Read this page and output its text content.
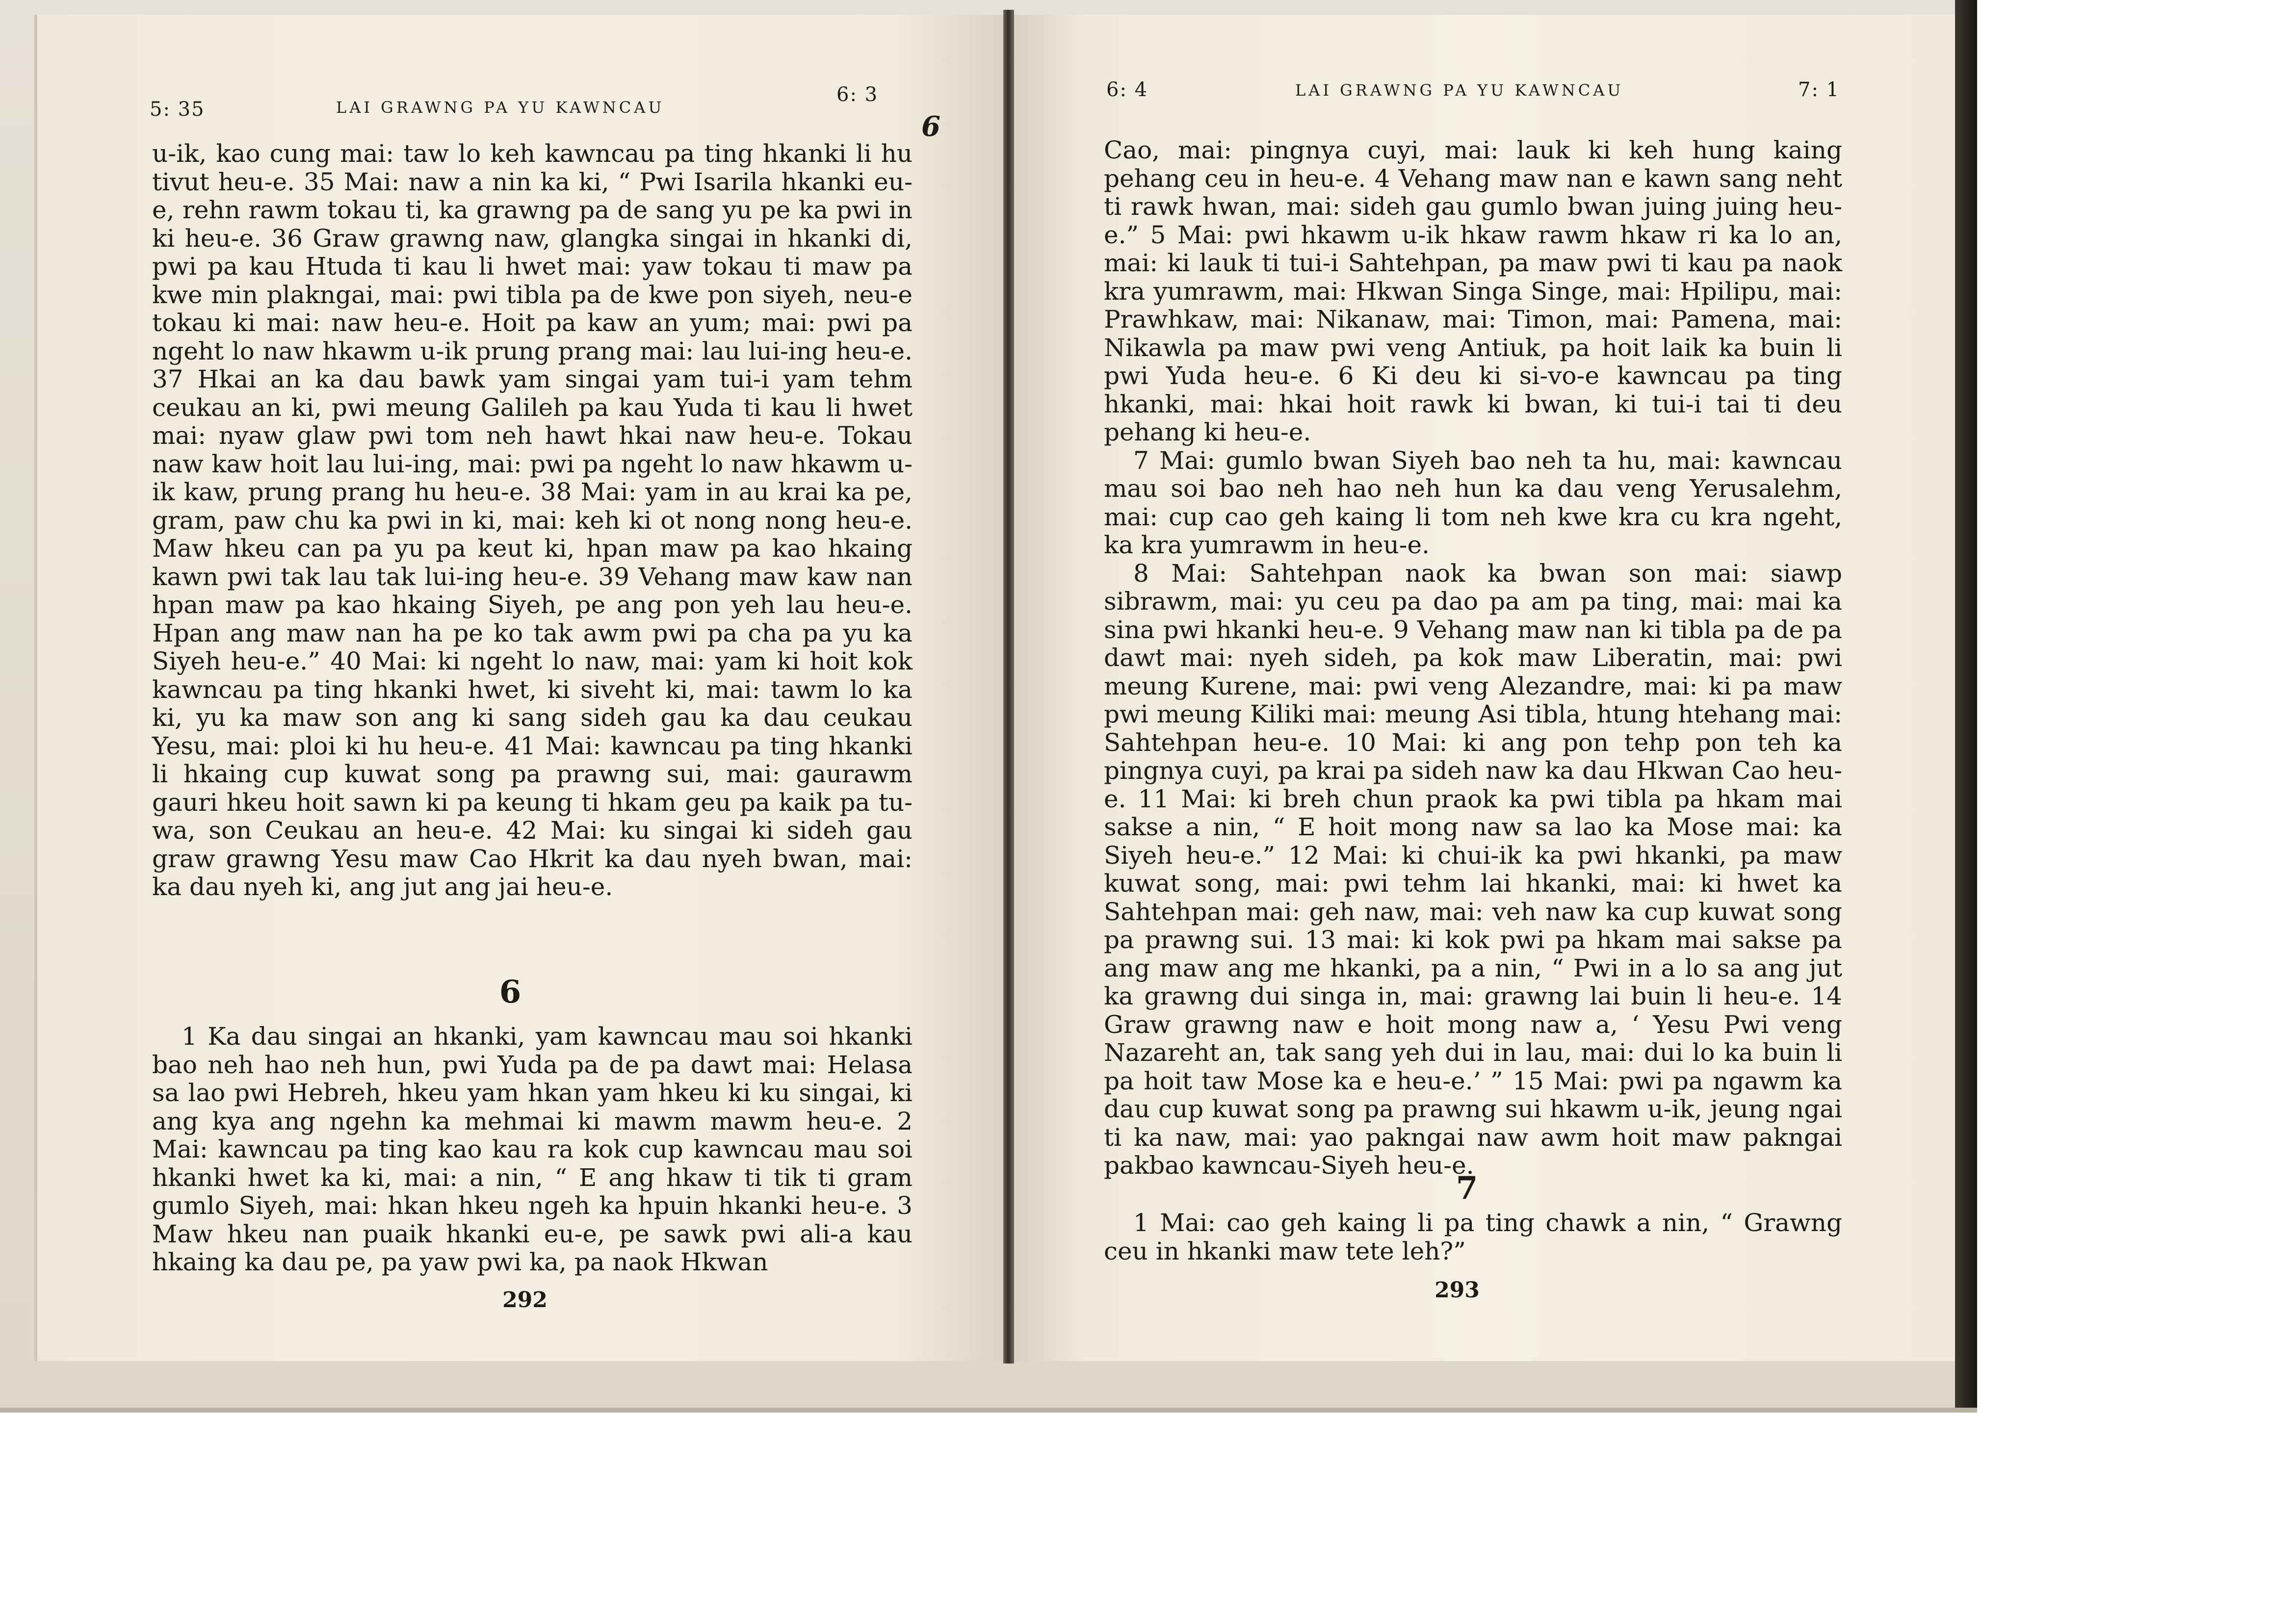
5: 35	LAI GRAWNG PA YU KAWNCAU
6: 3
6

u-ik, kao cung mai: taw lo keh kawncau pa ting hkanki li hu tivut heu-e. 35 Mai: naw a nin ka ki, “ Pwi Isarila hkanki eu-e, rehn rawm tokau ti, ka grawng pa de sang yu pe ka pwi in ki heu-e. 36 Graw grawng naw, glangka singai in hkanki di, pwi pa kau Htuda ti kau li hwet mai: yaw tokau ti maw pa kwe min plakngai, mai: pwi tibla pa de kwe pon siyeh, neu-e tokau ki mai: naw heu-e. Hoit pa kaw an yum; mai: pwi pa ngeht lo naw hkawm u-ik prung prang mai: lau lui-ing heu-e. 37 Hkai an ka dau bawk yam singai yam tui-i yam tehm ceukau an ki, pwi meung Galileh pa kau Yuda ti kau li hwet mai: nyaw glaw pwi tom neh hawt hkai naw heu-e. Tokau naw kaw hoit lau lui-ing, mai: pwi pa ngeht lo naw hkawm u-ik kaw, prung prang hu heu-e. 38 Mai: yam in au krai ka pe, gram, paw chu ka pwi in ki, mai: keh ki ot nong nong heu-e. Maw hkeu can pa yu pa keut ki, hpan maw pa kao hkaing kawn pwi tak lau tak lui-ing heu-e. 39 Vehang maw kaw nan hpan maw pa kao hkaing Siyeh, pe ang pon yeh lau heu-e. Hpan ang maw nan ha pe ko tak awm pwi pa cha pa yu ka Siyeh heu-e.” 40 Mai: ki ngeht lo naw, mai: yam ki hoit kok kawncau pa ting hkanki hwet, ki siveht ki, mai: tawm lo ka ki, yu ka maw son ang ki sang sideh gau ka dau ceukau Yesu, mai: ploi ki hu heu-e. 41 Mai: kawncau pa ting hkanki li hkaing cup kuwat song pa prawng sui, mai: gaurawm gauri hkeu hoit sawn ki pa keung ti hkam geu pa kaik pa tu-wa, son Ceukau an heu-e. 42 Mai: ku singai ki sideh gau graw grawng Yesu maw Cao Hkrit ka dau nyeh bwan, mai: ka dau nyeh ki, ang jut ang jai heu-e.

6

1 Ka dau singai an hkanki, yam kawncau mau soi hkanki bao neh hao neh hun, pwi Yuda pa de pa dawt mai: Helasa sa lao pwi Hebreh, hkeu yam hkan yam hkeu ki ku singai, ki ang kya ang ngehn ka mehmai ki mawm mawm heu-e. 2 Mai: kawncau pa ting kao kau ra kok cup kawncau mau soi hkanki hwet ka ki, mai: a nin, “ E ang hkaw ti tik ti gram gumlo Siyeh, mai: hkan hkeu ngeh ka hpuin hkanki heu-e. 3 Maw hkeu nan puaik hkanki eu-e, pe sawk pwi ali-a kau hkaing ka dau pe, pa yaw pwi ka, pa naok Hkwan

292
6: 4	LAI GRAWNG PA YU KAWNCAU	7: 1

Cao, mai: pingnya cuyi, mai: lauk ki keh hung kaing pehang ceu in heu-e. 4 Vehang maw nan e kawn sang neht ti rawk hwan, mai: sideh gau gumlo bwan juing juing heu-e.” 5 Mai: pwi hkawm u-ik hkaw rawm hkaw ri ka lo an, mai: ki lauk ti tui-i Sahtehpan, pa maw pwi ti kau pa naok kra yumrawm, mai: Hkwan Singa Singe, mai: Hpilipu, mai: Prawhkaw, mai: Nikanaw, mai: Timon, mai: Pamena, mai: Nikawla pa maw pwi veng Antiuk, pa hoit laik ka buin li pwi Yuda heu-e. 6 Ki deu ki si-vo-e kawncau pa ting hkanki, mai: hkai hoit rawk ki bwan, ki tui-i tai ti deu pehang ki heu-e.

7 Mai: gumlo bwan Siyeh bao neh ta hu, mai: kawncau mau soi bao neh hao neh hun ka dau veng Yerusalehm, mai: cup cao geh kaing li tom neh kwe kra cu kra ngeht, ka kra yumrawm in heu-e.

8 Mai: Sahtehpan naok ka bwan son mai: siawp sibrawm, mai: yu ceu pa dao pa am pa ting, mai: mai ka sina pwi hkanki heu-e. 9 Vehang maw nan ki tibla pa de pa dawt mai: nyeh sideh, pa kok maw Liberatin, mai: pwi meung Kurene, mai: pwi veng Alezandre, mai: ki pa maw pwi meung Kiliki mai: meung Asi tibla, htung htehang mai: Sahtehpan heu-e. 10 Mai: ki ang pon tehp pon teh ka pingnya cuyi, pa krai pa sideh naw ka dau Hkwan Cao heu-e. 11 Mai: ki breh chun praok ka pwi tibla pa hkam mai sakse a nin, “ E hoit mong naw sa lao ka Mose mai: ka Siyeh heu-e.” 12 Mai: ki chui-ik ka pwi hkanki, pa maw kuwat song, mai: pwi tehm lai hkanki, mai: ki hwet ka Sahtehpan mai: geh naw, mai: veh naw ka cup kuwat song pa prawng sui. 13 mai: ki kok pwi pa hkam mai sakse pa ang maw ang me hkanki, pa a nin, “ Pwi in a lo sa ang jut ka grawng dui singa in, mai: grawng lai buin li heu-e. 14 Graw grawng naw e hoit mong naw a, ‘ Yesu Pwi veng Nazareht an, tak sang yeh dui in lau, mai: dui lo ka buin li pa hoit taw Mose ka e heu-e.’ ” 15 Mai: pwi pa ngawm ka dau cup kuwat song pa prawng sui hkawm u-ik, jeung ngai ti ka naw, mai: yao pakngai naw awm hoit maw pakngai pakbao kawncau-Siyeh heu-e.

7

1 Mai: cao geh kaing li pa ting chawk a nin, “ Grawng ceu in hkanki maw tete leh?”

293
